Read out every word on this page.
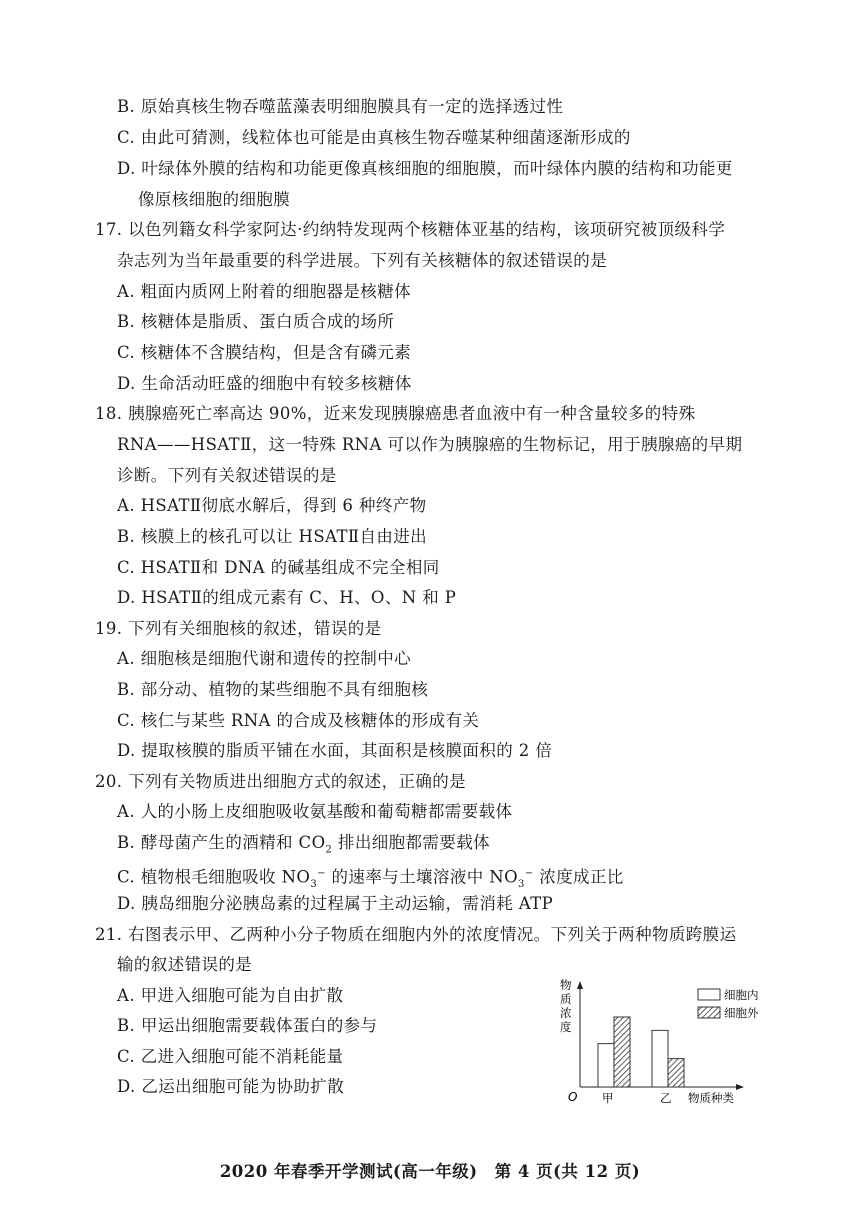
B. 原始真核生物吞噬蓝藻表明细胞膜具有一定的选择透过性
C. 由此可猜测，线粒体也可能是由真核生物吞噬某种细菌逐渐形成的
D. 叶绿体外膜的结构和功能更像真核细胞的细胞膜，而叶绿体内膜的结构和功能更
像原核细胞的细胞膜
17. 以色列籍女科学家阿达·约纳特发现两个核糖体亚基的结构，该项研究被顶级科学
杂志列为当年最重要的科学进展。下列有关核糖体的叙述错误的是
A. 粗面内质网上附着的细胞器是核糖体
B. 核糖体是脂质、蛋白质合成的场所
C. 核糖体不含膜结构，但是含有磷元素
D. 生命活动旺盛的细胞中有较多核糖体
18. 胰腺癌死亡率高达 90%，近来发现胰腺癌患者血液中有一种含量较多的特殊
RNA——HSATⅡ，这一特殊 RNA 可以作为胰腺癌的生物标记，用于胰腺癌的早期
诊断。下列有关叙述错误的是
A. HSATⅡ彻底水解后，得到 6 种终产物
B. 核膜上的核孔可以让 HSATⅡ自由进出
C. HSATⅡ和 DNA 的碱基组成不完全相同
D. HSATⅡ的组成元素有 C、H、O、N 和 P
19. 下列有关细胞核的叙述，错误的是
A. 细胞核是细胞代谢和遗传的控制中心
B. 部分动、植物的某些细胞不具有细胞核
C. 核仁与某些 RNA 的合成及核糖体的形成有关
D. 提取核膜的脂质平铺在水面，其面积是核膜面积的 2 倍
20. 下列有关物质进出细胞方式的叙述，正确的是
A. 人的小肠上皮细胞吸收氨基酸和葡萄糖都需要载体
B. 酵母菌产生的酒精和 $CO_2$ 排出细胞都需要载体
C. 植物根毛细胞吸收 $NO_3^-$ 的速率与土壤溶液中 $NO_3^-$ 浓度成正比
D. 胰岛细胞分泌胰岛素的过程属于主动运输，需消耗 ATP
21. 右图表示甲、乙两种小分子物质在细胞内外的浓度情况。下列关于两种物质跨膜运
输的叙述错误的是
A. 甲进入细胞可能为自由扩散
B. 甲运出细胞需要载体蛋白的参与
C. 乙进入细胞可能不消耗能量
D. 乙运出细胞可能为协助扩散
物
质
浓
度
O	物质种类
甲	乙
细胞内
细胞外
2020 年春季开学测试(高一年级)　第 4 页(共 12 页)
